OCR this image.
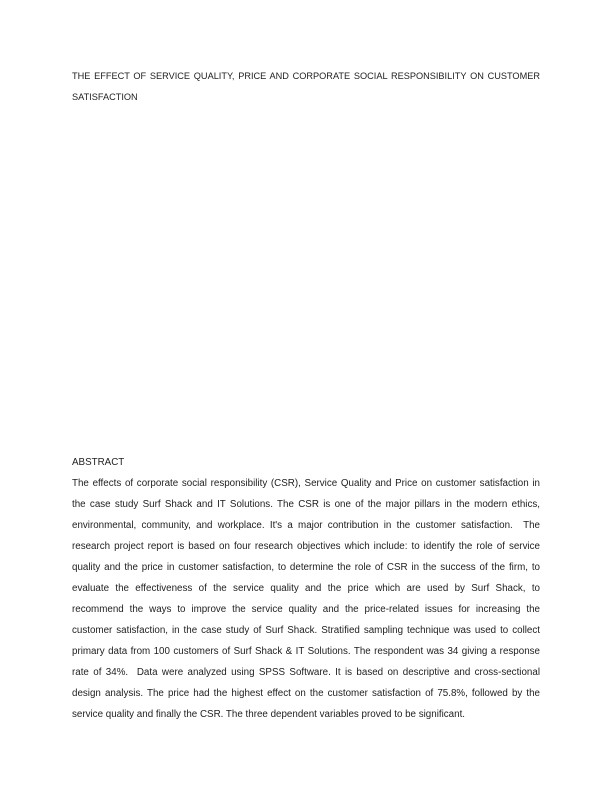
THE EFFECT OF SERVICE QUALITY, PRICE AND CORPORATE SOCIAL RESPONSIBILITY ON CUSTOMER
SATISFACTION
ABSTRACT
The effects of corporate social responsibility (CSR), Service Quality and Price on customer satisfaction in
the case study Surf Shack and IT Solutions. The CSR is one of the major pillars in the modern ethics,
environmental, community, and workplace. It's a major contribution in the customer satisfaction.  The
research project report is based on four research objectives which include: to identify the role of service
quality and the price in customer satisfaction, to determine the role of CSR in the success of the firm, to
evaluate the effectiveness of the service quality and the price which are used by Surf Shack, to
recommend the ways to improve the service quality and the price-related issues for increasing the
customer satisfaction, in the case study of Surf Shack. Stratified sampling technique was used to collect
primary data from 100 customers of Surf Shack & IT Solutions. The respondent was 34 giving a response
rate of 34%.  Data were analyzed using SPSS Software. It is based on descriptive and cross-sectional
design analysis. The price had the highest effect on the customer satisfaction of 75.8%, followed by the
service quality and finally the CSR. The three dependent variables proved to be significant.
